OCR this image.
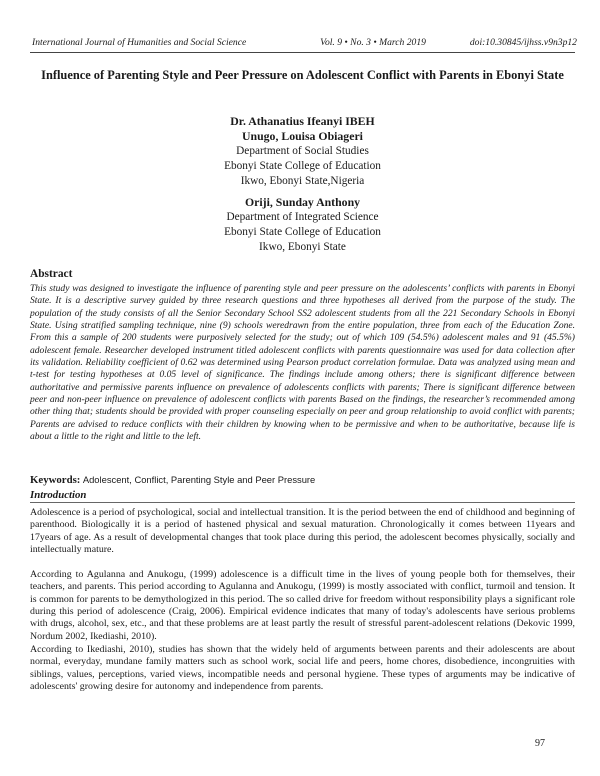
International Journal of Humanities and Social Science	Vol. 9 • No. 3 • March 2019	doi:10.30845/ijhss.v9n3p12
Influence of Parenting Style and Peer Pressure on Adolescent Conflict with Parents in Ebonyi State
Dr. Athanatius Ifeanyi IBEH
Unugo, Louisa Obiageri
Department of Social Studies
Ebonyi State College of Education
Ikwo, Ebonyi State,Nigeria
Oriji, Sunday Anthony
Department of Integrated Science
Ebonyi State College of Education
Ikwo, Ebonyi State
Abstract
This study was designed to investigate the influence of parenting style and peer pressure on the adolescents’ conflicts with parents in Ebonyi State. It is a descriptive survey guided by three research questions and three hypotheses all derived from the purpose of the study. The population of the study consists of all the Senior Secondary School SS2 adolescent students from all the 221 Secondary Schools in Ebonyi State. Using stratified sampling technique, nine (9) schools weredrawn from the entire population, three from each of the Education Zone. From this a sample of 200 students were purposively selected for the study; out of which 109 (54.5%) adolescent males and 91 (45.5%) adolescent female. Researcher developed instrument titled adolescent conflicts with parents questionnaire was used for data collection after its validation. Reliability coefficient of 0.62 was determined using Pearson product correlation formulae. Data was analyzed using mean and t-test for testing hypotheses at 0.05 level of significance. The findings include among others; there is significant difference between authoritative and permissive parents influence on prevalence of adolescents conflicts with parents; There is significant difference between peer and non-peer influence on prevalence of adolescent conflicts with parents Based on the findings, the researcher’s recommended among other thing that; students should be provided with proper counseling especially on peer and group relationship to avoid conflict with parents; Parents are advised to reduce conflicts with their children by knowing when to be permissive and when to be authoritative, because life is about a little to the right and little to the left.
Keywords: Adolescent, Conflict, Parenting Style and Peer Pressure
Introduction

Adolescence is a period of psychological, social and intellectual transition. It is the period between the end of childhood and beginning of parenthood. Biologically it is a period of hastened physical and sexual maturation. Chronologically it comes between 11years and 17years of age. As a result of developmental changes that took place during this period, the adolescent becomes physically, socially and intellectually mature.

According to Agulanna and Anukogu, (1999) adolescence is a difficult time in the lives of young people both for themselves, their teachers, and parents. This period according to Agulanna and Anukogu, (1999) is mostly associated with conflict, turmoil and tension. It is common for parents to be demythologized in this period. The so called drive for freedom without responsibility plays a significant role during this period of adolescence (Craig, 2006). Empirical evidence indicates that many of today's adolescents have serious problems with drugs, alcohol, sex, etc., and that these problems are at least partly the result of stressful parent-adolescent relations (Dekovic 1999, Nordum 2002, Ikediashi, 2010).

According to Ikediashi, 2010), studies has shown that the widely held of arguments between parents and their adolescents are about normal, everyday, mundane family matters such as school work, social life and peers, home chores, disobedience, incongruities with siblings, values, perceptions, varied views, incompatible needs and personal hygiene. These types of arguments may be indicative of adolescents' growing desire for autonomy and independence from parents.

97
